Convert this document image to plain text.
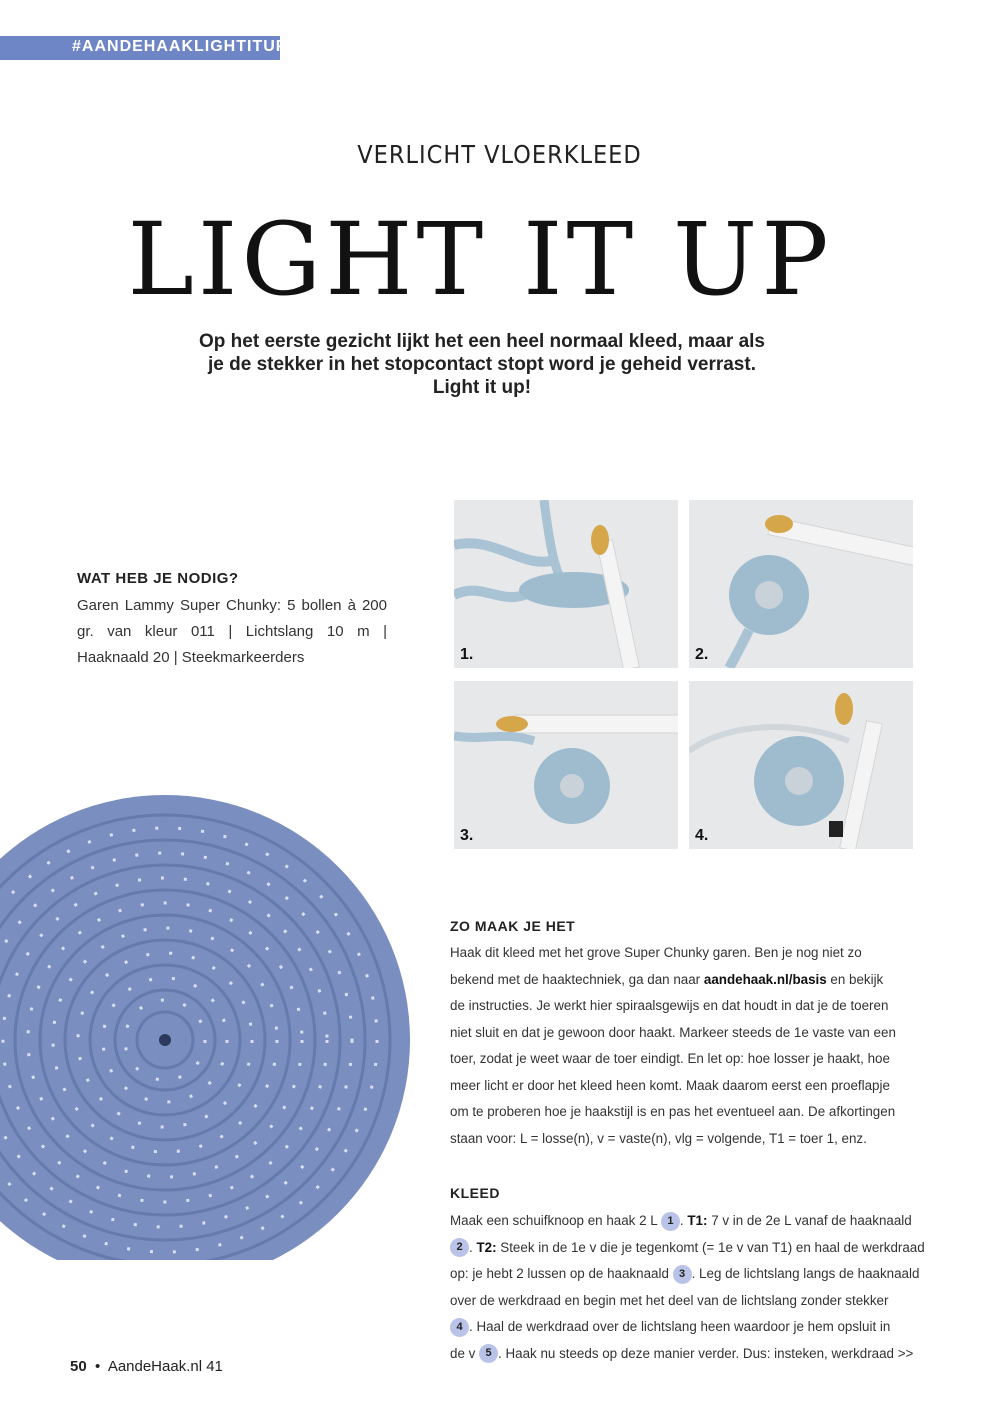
#AANDEHAAKLIGHTITUP
VERLICHT VLOERKLEED
LIGHT IT UP
Op het eerste gezicht lijkt het een heel normaal kleed, maar als
je de stekker in het stopcontact stopt word je geheid verrast.
Light it up!
WAT HEB JE NODIG?
Garen Lammy Super Chunky: 5 bollen à 200 gr. van kleur 011 | Lichtslang 10 m | Haaknaald 20 | Steekmarkeerders	1.	2.
3.	4.
ZO MAAK JE HET
Haak dit kleed met het grove Super Chunky garen. Ben je nog niet zo
bekend met de haaktechniek, ga dan naar aandehaak.nl/basis en bekijk
de instructies. Je werkt hier spiraalsgewijs en dat houdt in dat je de toeren
niet sluit en dat je gewoon door haakt. Markeer steeds de 1e vaste van een
toer, zodat je weet waar de toer eindigt. En let op: hoe losser je haakt, hoe
meer licht er door het kleed heen komt. Maak daarom eerst een proeflapje
om te proberen hoe je haakstijl is en pas het eventueel aan. De afkortingen
staan voor: L = losse(n), v = vaste(n), vlg = volgende, T1 = toer 1, enz.
KLEED
Maak een schuifknoop en haak 2 L 1 . T1: 7 v in de 2e L vanaf de haaknaald
2 . T2: Steek in de 1e v die je tegenkomt (= 1e v van T1) en haal de werkdraad
op: je hebt 2 lussen op de haaknaald 3 . Leg de lichtslang langs de haaknaald
over de werkdraad en begin met het deel van de lichtslang zonder stekker
4 . Haal de werkdraad over de lichtslang heen waardoor je hem opsluit in
de v 5 . Haak nu steeds op deze manier verder. Dus: insteken, werkdraad >>
50 • AandeHaak.nl 41
